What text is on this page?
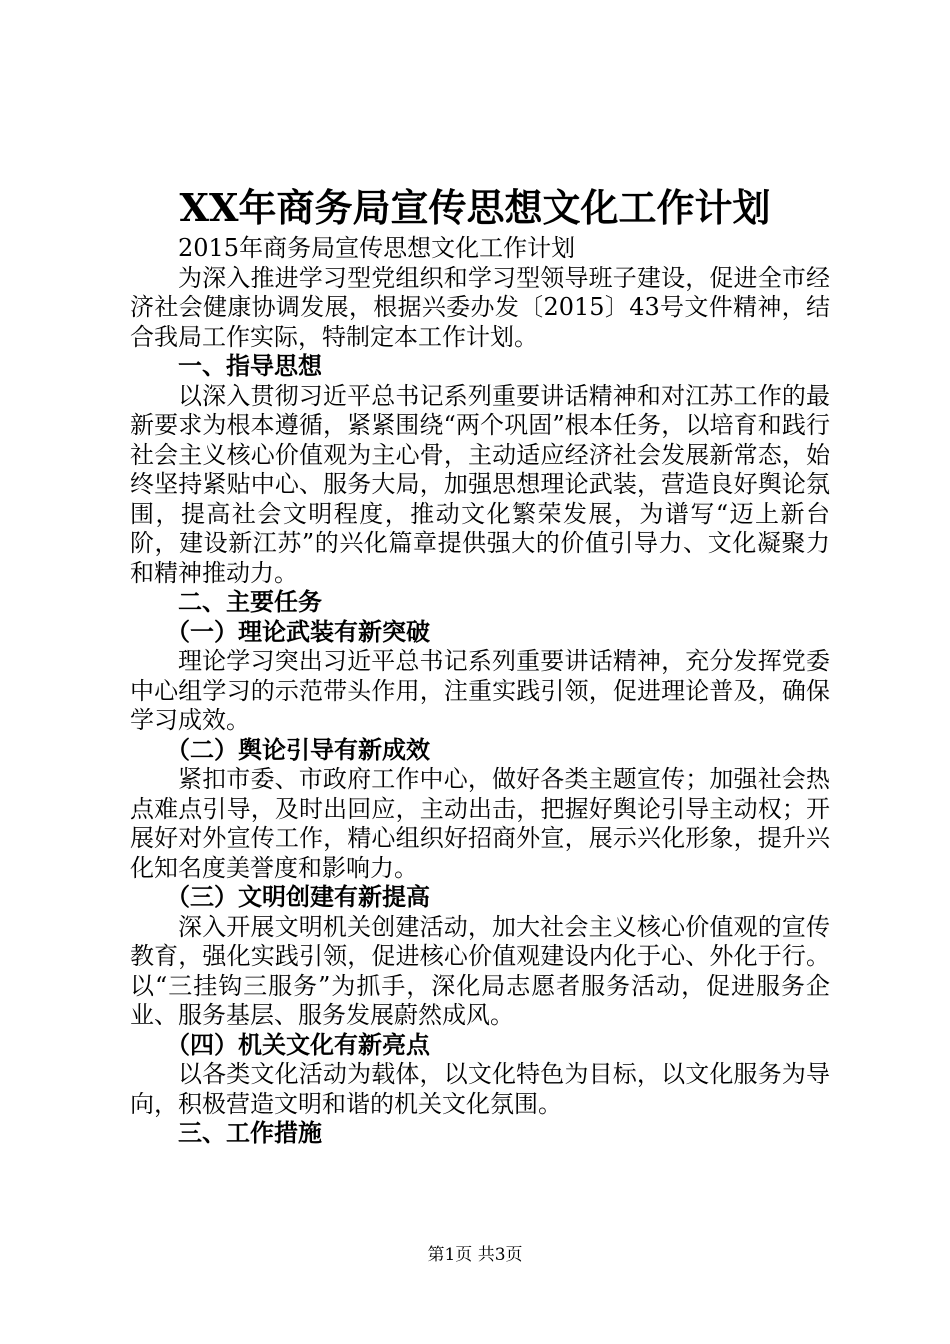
XX年商务局宣传思想文化工作计划

2015年商务局宣传思想文化工作计划

为深入推进学习型党组织和学习型领导班子建设，促进全市经济社会健康协调发展，根据兴委办发〔2015〕43号文件精神，结合我局工作实际，特制定本工作计划。

一、指导思想

以深入贯彻习近平总书记系列重要讲话精神和对江苏工作的最新要求为根本遵循，紧紧围绕“两个巩固”根本任务，以培育和践行社会主义核心价值观为主心骨，主动适应经济社会发展新常态，始终坚持紧贴中心、服务大局，加强思想理论武装，营造良好舆论氛围，提高社会文明程度，推动文化繁荣发展，为谱写“迈上新台阶，建设新江苏”的兴化篇章提供强大的价值引导力、文化凝聚力和精神推动力。

二、主要任务

（一）理论武装有新突破

理论学习突出习近平总书记系列重要讲话精神，充分发挥党委中心组学习的示范带头作用，注重实践引领，促进理论普及，确保学习成效。

（二）舆论引导有新成效

紧扣市委、市政府工作中心，做好各类主题宣传；加强社会热点难点引导，及时出回应，主动出击，把握好舆论引导主动权；开展好对外宣传工作，精心组织好招商外宣，展示兴化形象，提升兴化知名度美誉度和影响力。

（三）文明创建有新提高

深入开展文明机关创建活动，加大社会主义核心价值观的宣传教育，强化实践引领，促进核心价值观建设内化于心、外化于行。以“三挂钩三服务”为抓手，深化局志愿者服务活动，促进服务企业、服务基层、服务发展蔚然成风。

（四）机关文化有新亮点

以各类文化活动为载体，以文化特色为目标，以文化服务为导向，积极营造文明和谐的机关文化氛围。

三、工作措施

第1页 共3页
